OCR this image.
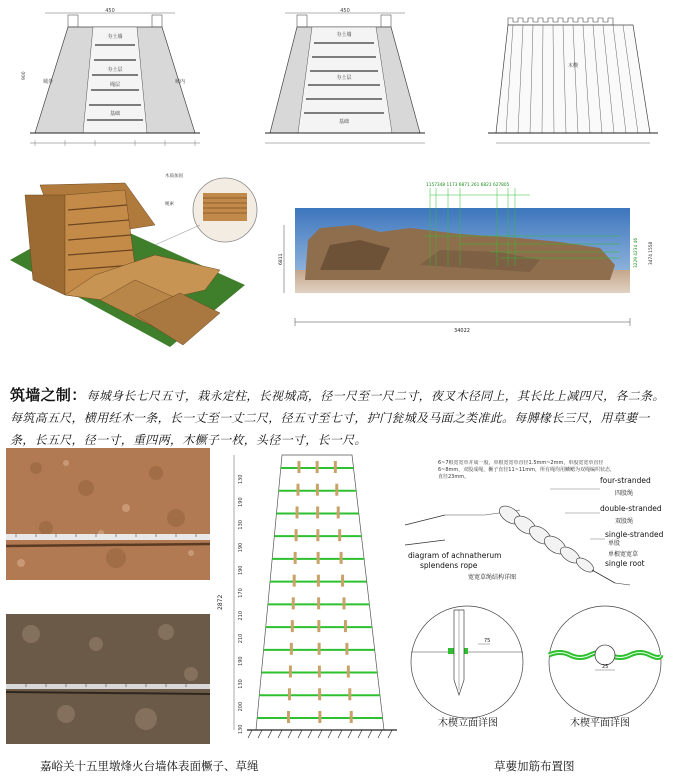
450
夯土墙
夯土层
绳层
基础
城外	城内
900
450
夯土墙
夯土层
基础
木楔
木质加固
绳索
1157348 1173 6871 261 6821 627805
6811	3229 4234 46 3474 1558
34022
筑墙之制：每城身长七尺五寸，栽永定柱，长视城高，径一尺至一尺二寸，夜叉木径同上，其长比上减四尺，各二条。每筑高五尺，横用纴木一条，长一丈至一丈二尺，径五寸至七寸，护门瓮城及马面之类准此。每膊椽长三尺，用草葽一条，长五尺，径一寸，重四两，木橛子一枚，头径一寸，长一尺。
嘉峪关十五里墩烽火台墙体表面橛子、草绳
2872
130
190
130
190
190
170
210
210
190
130
200
130
6~7根宽宽草并成一股，单根宽宽草直径1.5mm~2mm，单股宽宽草直径6~8mm，双股成绳，橛子直径11~11mm，所有绳均用鳞鳃为双绳编织状态，直径23mm。	four-stranded
四股绳
double-stranded
双股绳
single-stranded
单股
单根宽宽草
single root
diagram of achnatherum
splendens rope
宽宽草绳结构详图
75
木楔立面详图
25
木楔平面详图
草葽加筋布置图
